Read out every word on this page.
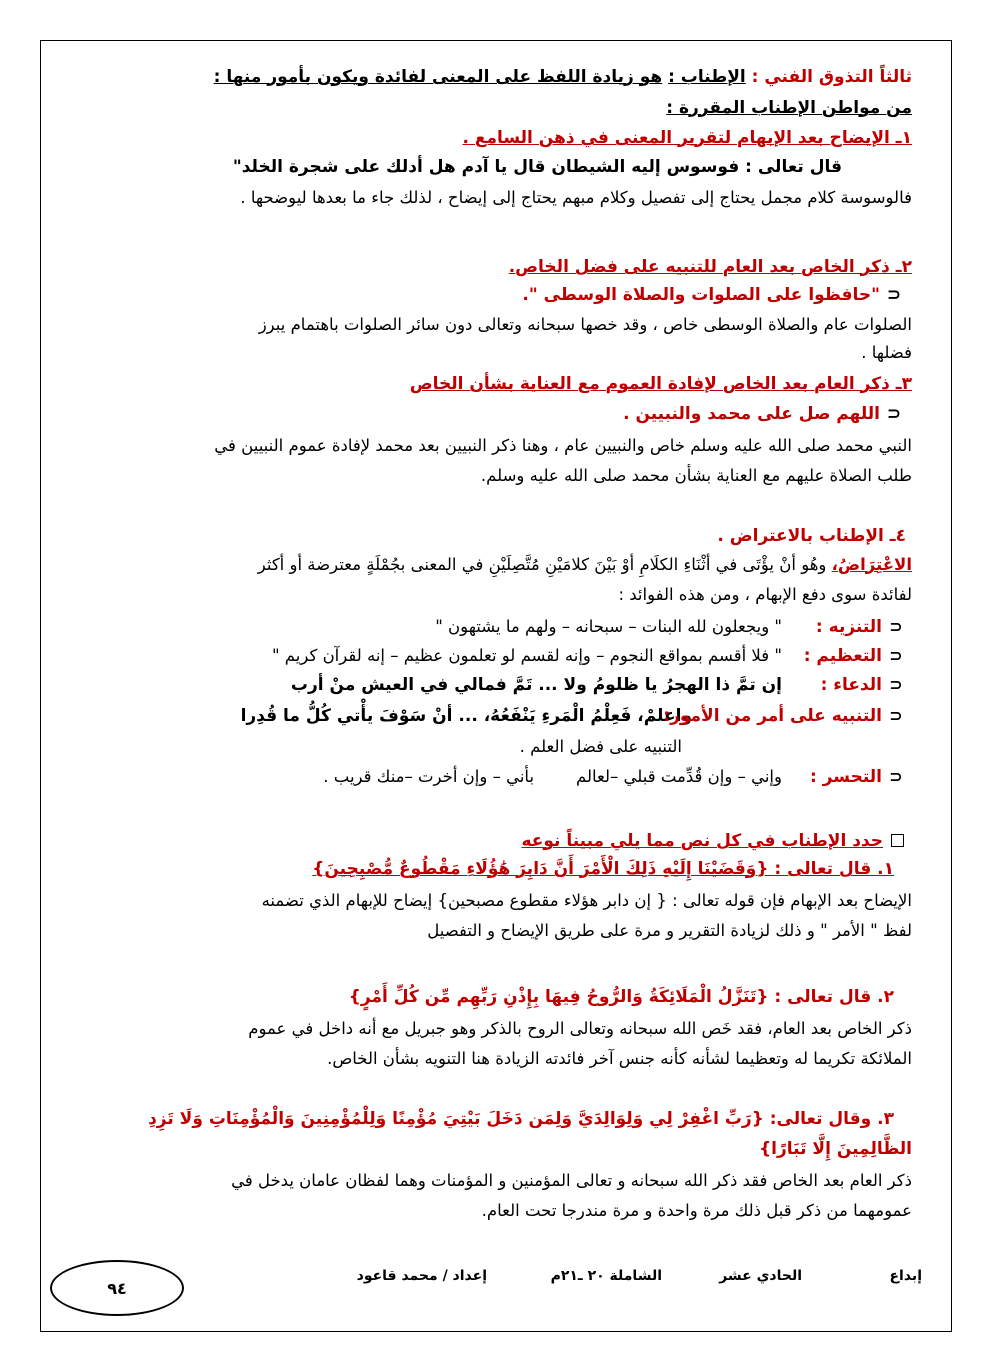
ثالثاً التذوق الفني : الإطناب : هو زيادة اللفظ على المعنى لفائدة ويكون بأمور منها :
من مواطن الإطناب المقررة :
١ـ الإيضاح بعد الإبهام لتقرير المعنى في ذهن السامع .
قال تعالى : فوسوس إليه الشيطان قال يا آدم هل أدلك على شجرة الخلد"
فالوسوسة كلام مجمل يحتاج إلى تفصيل وكلام مبهم يحتاج إلى إيضاح ، لذلك جاء ما بعدها ليوضحها .
٢ـ ذكر الخاص بعد العام للتنبيه على فضل الخاص.
⊂"حافظوا على الصلوات والصلاة الوسطى ".
الصلوات عام والصلاة الوسطى خاص ، وقد خصها سبحانه وتعالى دون سائر الصلوات باهتمام يبرز
فضلها .
٣ـ ذكر العام بعد الخاص لإفادة العموم مع العناية بشأن الخاص
⊂اللهم صل على محمد والنبيين .
النبي محمد صلى الله عليه وسلم خاص والنبيين عام ، وهنا ذكر النبيين بعد محمد لإفادة عموم النبيين في
طلب الصلاة عليهم مع العناية بشأن محمد صلى الله عليه وسلم.
٤ـ الإطناب بالاعتراض .
الاعْتِرَاضُ، وهُو أنْ يؤْتَى في أثْنَاءِ الكلَامِ أوْ بَيْنَ كلامَيْنِ مُتَّصِلَيْنِ في المعنى بجُمْلَةٍ معترضة أو أكثر
لفائدة سوى دفع الإبهام ، ومن هذه الفوائد :
⊂التنزيه :" ويجعلون لله البنات – سبحانه – ولهم ما يشتهون "
⊂التعظيم :" فلا أقسم بمواقع النجوم – وإنه لقسم لو تعلمون عظيم – إنه لقرآن كريم "
⊂الدعاء :إن تمَّ ذا الهجرُ يا ظلومُ ولا ... تَمَّ فمالي في العيش منْ أرب
⊂التنبيه على أمر من الأمور:واعلمْ، فَعِلْمُ الْمَرءِ يَنْفَعُهُ، ... أنْ سَوْفَ يأْتي كُلُّ ما قُدِرا
التنبيه على فضل العلم .
⊂التحسر :وإني – وإن قُدِّمت قبلي –لعالم        بأني – وإن أخرت –منك قريب .
حدد الإطناب في كل نص مما يلي مبيناً نوعه
١. قال تعالى : {وَقَضَيْنَا إِلَيْهِ ذَلِكَ الْأَمْرَ أَنَّ دَابِرَ هَٰؤُلَاءِ مَقْطُوعٌ مُّصْبِحِينَ}
الإيضاح بعد الإبهام فإن قوله تعالى : { إن دابر هؤلاء مقطوع مصبحين} إيضاح للإبهام الذي تضمنه
لفظ " الأمر " و ذلك لزيادة التقرير و مرة على طريق الإيضاح و التفصيل
٢. قال تعالى : {تَنَزَّلُ الْمَلَائِكَةُ وَالرُّوحُ فِيهَا بِإِذْنِ رَبِّهِم مِّن كُلِّ أَمْرٍ}
ذكر الخاص بعد العام، فقد خَص الله سبحانه وتعالى الروح بالذكر وهو جبريل مع أنه داخل في عموم
الملائكة تكريما له وتعظيما لشأنه كأنه جنس آخر فائدته الزيادة هنا التنويه بشأن الخاص.
٣. وقال تعالى: {رَبِّ اغْفِرْ لِي وَلِوَالِدَيَّ وَلِمَن دَخَلَ بَيْتِيَ مُؤْمِنًا وَلِلْمُؤْمِنِينَ وَالْمُؤْمِنَاتِ وَلَا تَزِدِ
الظَّالِمِينَ إِلَّا تَبَارًا}
ذكر العام بعد الخاص فقد ذكر الله سبحانه و تعالى المؤمنين و المؤمنات وهما لفظان عامان يدخل في
عمومهما من ذكر قبل ذلك مرة واحدة و مرة مندرجا تحت العام.
إبداع
الحادي عشر
الشاملة ٢٠ ـ٢١م
إعداد / محمد قاعود
٩٤
